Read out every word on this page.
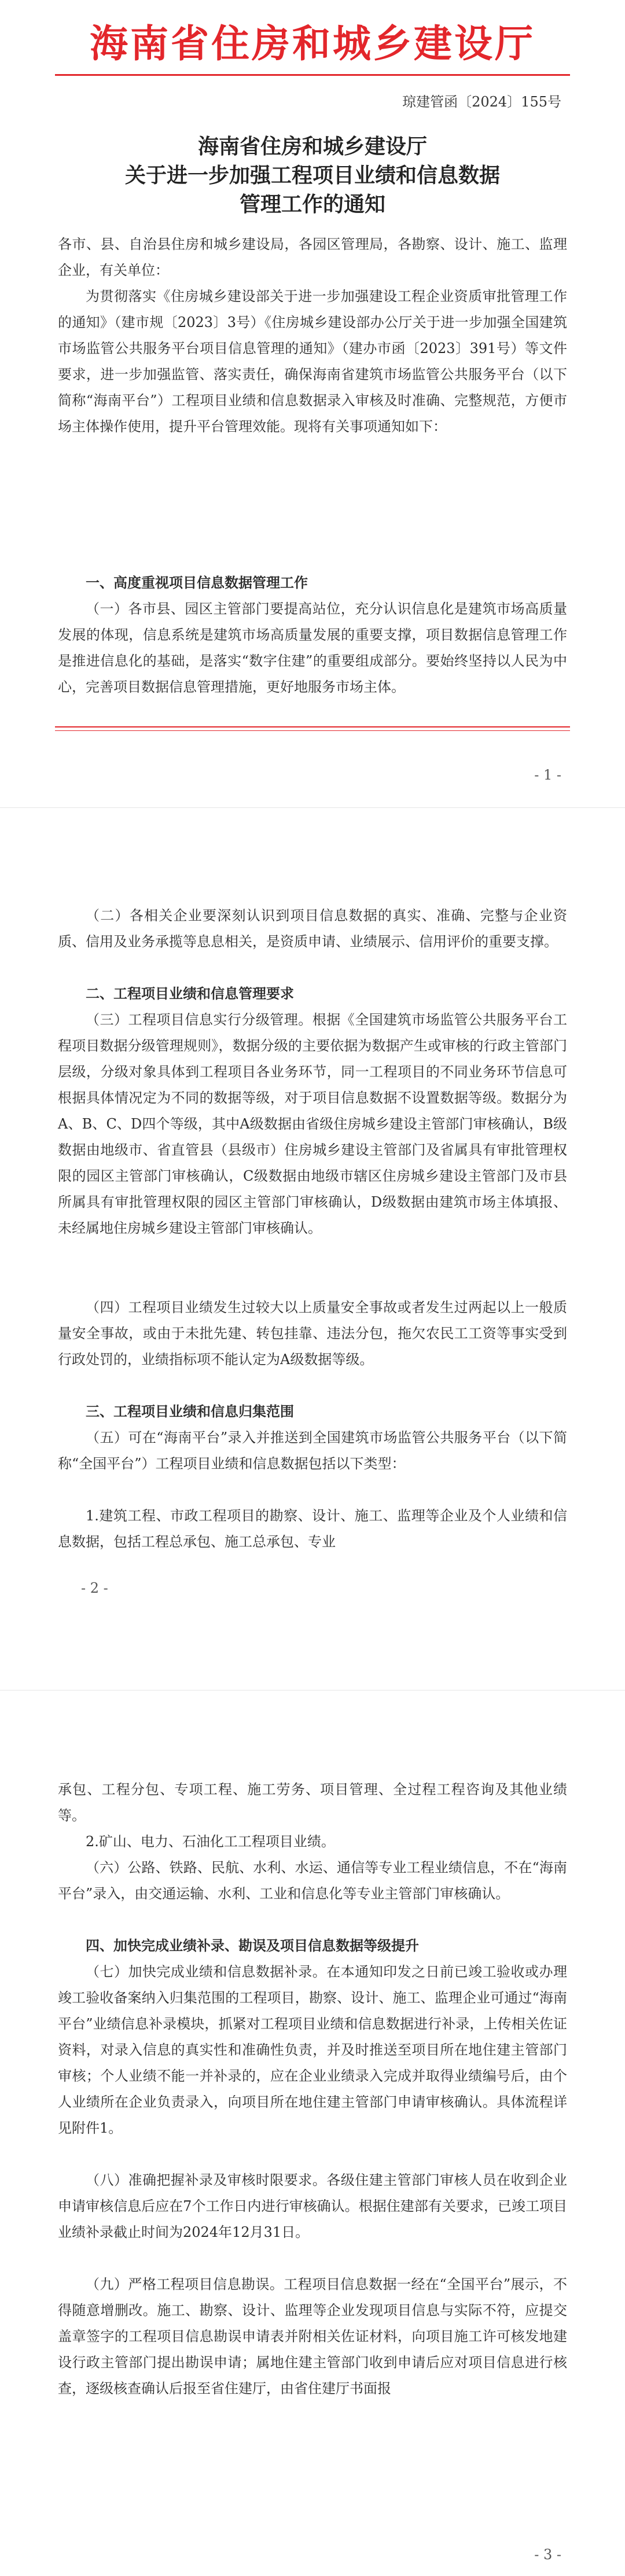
海南省住房和城乡建设厅
琼建管函〔2024〕155号
海南省住房和城乡建设厅
关于进一步加强工程项目业绩和信息数据
管理工作的通知
各市、县、自治县住房和城乡建设局，各园区管理局，各勘察、设计、施工、监理企业，有关单位：
为贯彻落实《住房城乡建设部关于进一步加强建设工程企业资质审批管理工作的通知》（建市规〔2023〕3号）《住房城乡建设部办公厅关于进一步加强全国建筑市场监管公共服务平台项目信息管理的通知》（建办市函〔2023〕391号）等文件要求，进一步加强监管、落实责任，确保海南省建筑市场监管公共服务平台（以下简称“海南平台”）工程项目业绩和信息数据录入审核及时准确、完整规范，方便市场主体操作使用，提升平台管理效能。现将有关事项通知如下：
一、高度重视项目信息数据管理工作
（一）各市县、园区主管部门要提高站位，充分认识信息化是建筑市场高质量发展的体现，信息系统是建筑市场高质量发展的重要支撑，项目数据信息管理工作是推进信息化的基础，是落实“数字住建”的重要组成部分。要始终坚持以人民为中心，完善项目数据信息管理措施，更好地服务市场主体。
- 1 -
（二）各相关企业要深刻认识到项目信息数据的真实、准确、完整与企业资质、信用及业务承揽等息息相关，是资质申请、业绩展示、信用评价的重要支撑。
二、工程项目业绩和信息管理要求
（三）工程项目信息实行分级管理。根据《全国建筑市场监管公共服务平台工程项目数据分级管理规则》，数据分级的主要依据为数据产生或审核的行政主管部门层级，分级对象具体到工程项目各业务环节，同一工程项目的不同业务环节信息可根据具体情况定为不同的数据等级，对于项目信息数据不设置数据等级。数据分为A、B、C、D四个等级，其中A级数据由省级住房城乡建设主管部门审核确认，B级数据由地级市、省直管县（县级市）住房城乡建设主管部门及省属具有审批管理权限的园区主管部门审核确认，C级数据由地级市辖区住房城乡建设主管部门及市县所属具有审批管理权限的园区主管部门审核确认，D级数据由建筑市场主体填报、未经属地住房城乡建设主管部门审核确认。
（四）工程项目业绩发生过较大以上质量安全事故或者发生过两起以上一般质量安全事故，或由于未批先建、转包挂靠、违法分包，拖欠农民工工资等事实受到行政处罚的，业绩指标项不能认定为A级数据等级。
三、工程项目业绩和信息归集范围
（五）可在“海南平台”录入并推送到全国建筑市场监管公共服务平台（以下简称“全国平台”）工程项目业绩和信息数据包括以下类型：
1.建筑工程、市政工程项目的勘察、设计、施工、监理等企业及个人业绩和信息数据，包括工程总承包、施工总承包、专业
- 2 -
承包、工程分包、专项工程、施工劳务、项目管理、全过程工程咨询及其他业绩等。
2.矿山、电力、石油化工工程项目业绩。
（六）公路、铁路、民航、水利、水运、通信等专业工程业绩信息，不在“海南平台”录入，由交通运输、水利、工业和信息化等专业主管部门审核确认。
四、加快完成业绩补录、勘误及项目信息数据等级提升
（七）加快完成业绩和信息数据补录。在本通知印发之日前已竣工验收或办理竣工验收备案纳入归集范围的工程项目，勘察、设计、施工、监理企业可通过“海南平台”业绩信息补录模块，抓紧对工程项目业绩和信息数据进行补录，上传相关佐证资料，对录入信息的真实性和准确性负责，并及时推送至项目所在地住建主管部门审核；个人业绩不能一并补录的，应在企业业绩录入完成并取得业绩编号后，由个人业绩所在企业负责录入，向项目所在地住建主管部门申请审核确认。具体流程详见附件1。
（八）准确把握补录及审核时限要求。各级住建主管部门审核人员在收到企业申请审核信息后应在7个工作日内进行审核确认。根据住建部有关要求，已竣工项目业绩补录截止时间为2024年12月31日。
（九）严格工程项目信息勘误。工程项目信息数据一经在“全国平台”展示，不得随意增删改。施工、勘察、设计、监理等企业发现项目信息与实际不符，应提交盖章签字的工程项目信息勘误申请表并附相关佐证材料，向项目施工许可核发地建设行政主管部门提出勘误申请；属地住建主管部门收到申请后应对项目信息进行核查，逐级核查确认后报至省住建厅，由省住建厅书面报
- 3 -
